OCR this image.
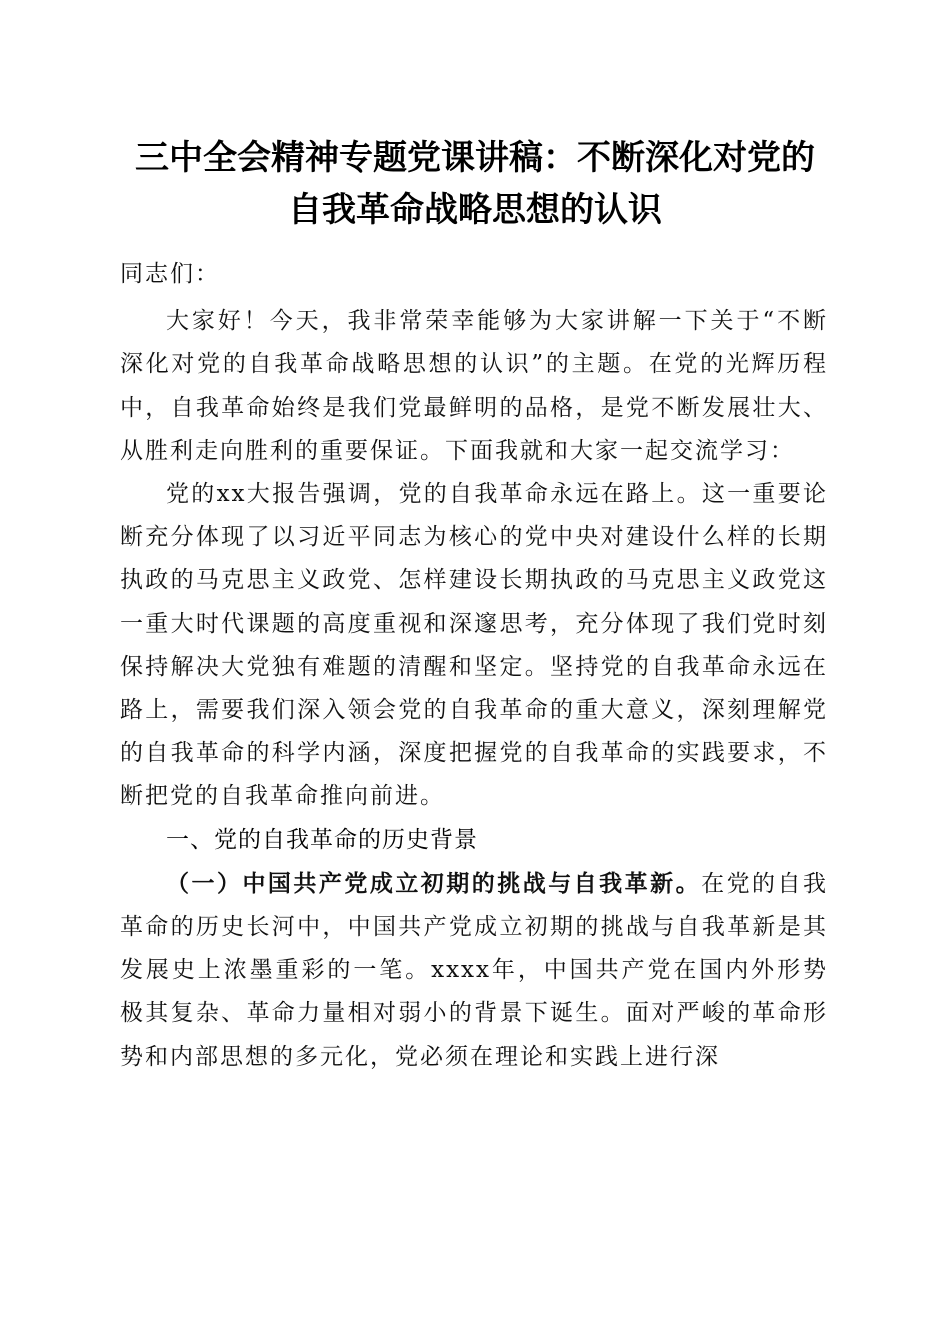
三中全会精神专题党课讲稿：不断深化对党的
自我革命战略思想的认识

同志们：

大家好！今天，我非常荣幸能够为大家讲解一下关于“不断深化对党的自我革命战略思想的认识”的主题。在党的光辉历程中，自我革命始终是我们党最鲜明的品格，是党不断发展壮大、从胜利走向胜利的重要保证。下面我就和大家一起交流学习：

党的xx大报告强调，党的自我革命永远在路上。这一重要论断充分体现了以习近平同志为核心的党中央对建设什么样的长期执政的马克思主义政党、怎样建设长期执政的马克思主义政党这一重大时代课题的高度重视和深邃思考，充分体现了我们党时刻保持解决大党独有难题的清醒和坚定。坚持党的自我革命永远在路上，需要我们深入领会党的自我革命的重大意义，深刻理解党的自我革命的科学内涵，深度把握党的自我革命的实践要求，不断把党的自我革命推向前进。

一、党的自我革命的历史背景

（一）中国共产党成立初期的挑战与自我革新。在党的自我革命的历史长河中，中国共产党成立初期的挑战与自我革新是其发展史上浓墨重彩的一笔。xxxx年，中国共产党在国内外形势极其复杂、革命力量相对弱小的背景下诞生。面对严峻的革命形势和内部思想的多元化，党必须在理论和实践上进行深
